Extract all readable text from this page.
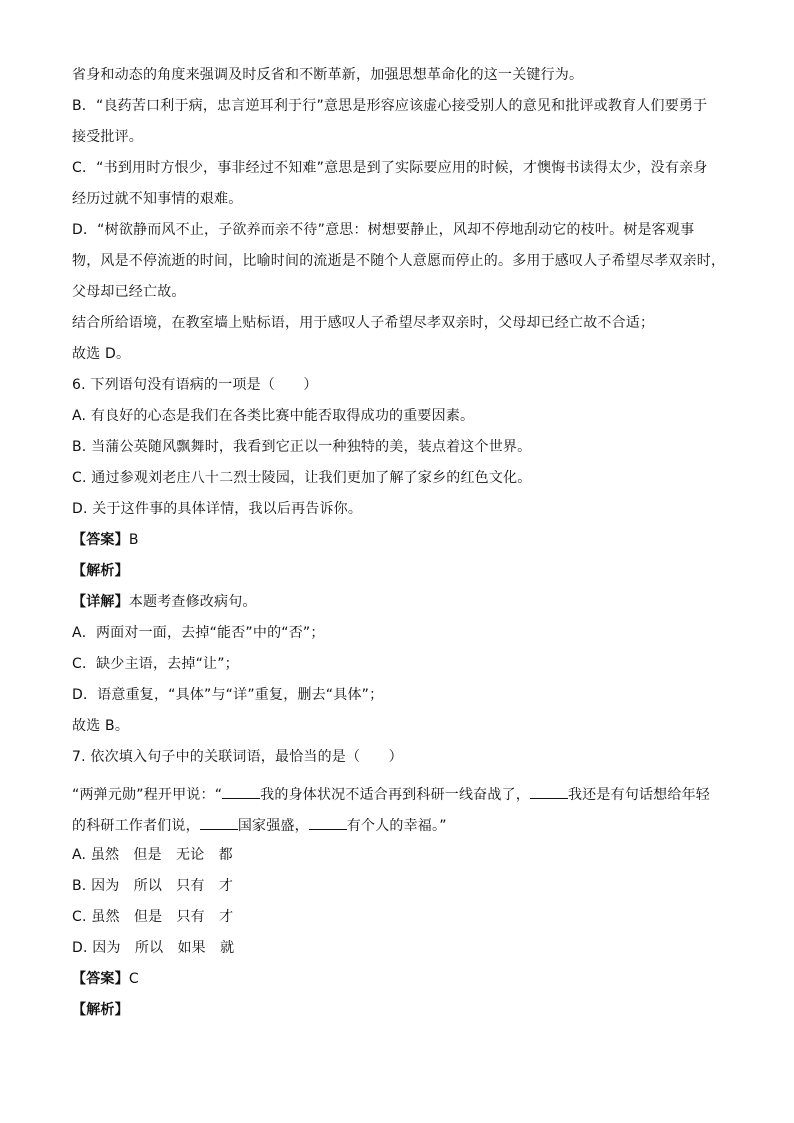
省身和动态的角度来强调及时反省和不断革新，加强思想革命化的这一关键行为。
B．“良药苦口利于病，忠言逆耳利于行”意思是形容应该虚心接受别人的意见和批评或教育人们要勇于
接受批评。
C．“书到用时方恨少，事非经过不知难”意思是到了实际要应用的时候，才懊悔书读得太少，没有亲身
经历过就不知事情的艰难。
D．“树欲静而风不止，子欲养而亲不待”意思：树想要静止，风却不停地刮动它的枝叶。树是客观事
物，风是不停流逝的时间，比喻时间的流逝是不随个人意愿而停止的。多用于感叹人子希望尽孝双亲时，
父母却已经亡故。
结合所给语境，在教室墙上贴标语，用于感叹人子希望尽孝双亲时，父母却已经亡故不合适；
故选 D。
6. 下列语句没有语病的一项是（　　）
A. 有良好的心态是我们在各类比赛中能否取得成功的重要因素。
B. 当蒲公英随风飘舞时，我看到它正以一种独特的美，装点着这个世界。
C. 通过参观刘老庄八十二烈士陵园，让我们更加了解了家乡的红色文化。
D. 关于这件事的具体详情，我以后再告诉你。
【答案】B
【解析】
【详解】本题考查修改病句。
A．两面对一面，去掉“能否”中的“否”；
C．缺少主语，去掉“让”；
D．语意重复，“具体”与“详”重复，删去“具体”；
故选 B。
7. 依次填入句子中的关联词语，最恰当的是（　　）
“两弹元勋”程开甲说：“	我的身体状况不适合再到科研一线奋战了，	我还是有句话想给年轻
的科研工作者们说，	国家强盛，	有个人的幸福。”
A. 虽然　但是　无论　都
B. 因为　所以　只有　才
C. 虽然　但是　只有　才
D. 因为　所以　如果　就
【答案】C
【解析】
